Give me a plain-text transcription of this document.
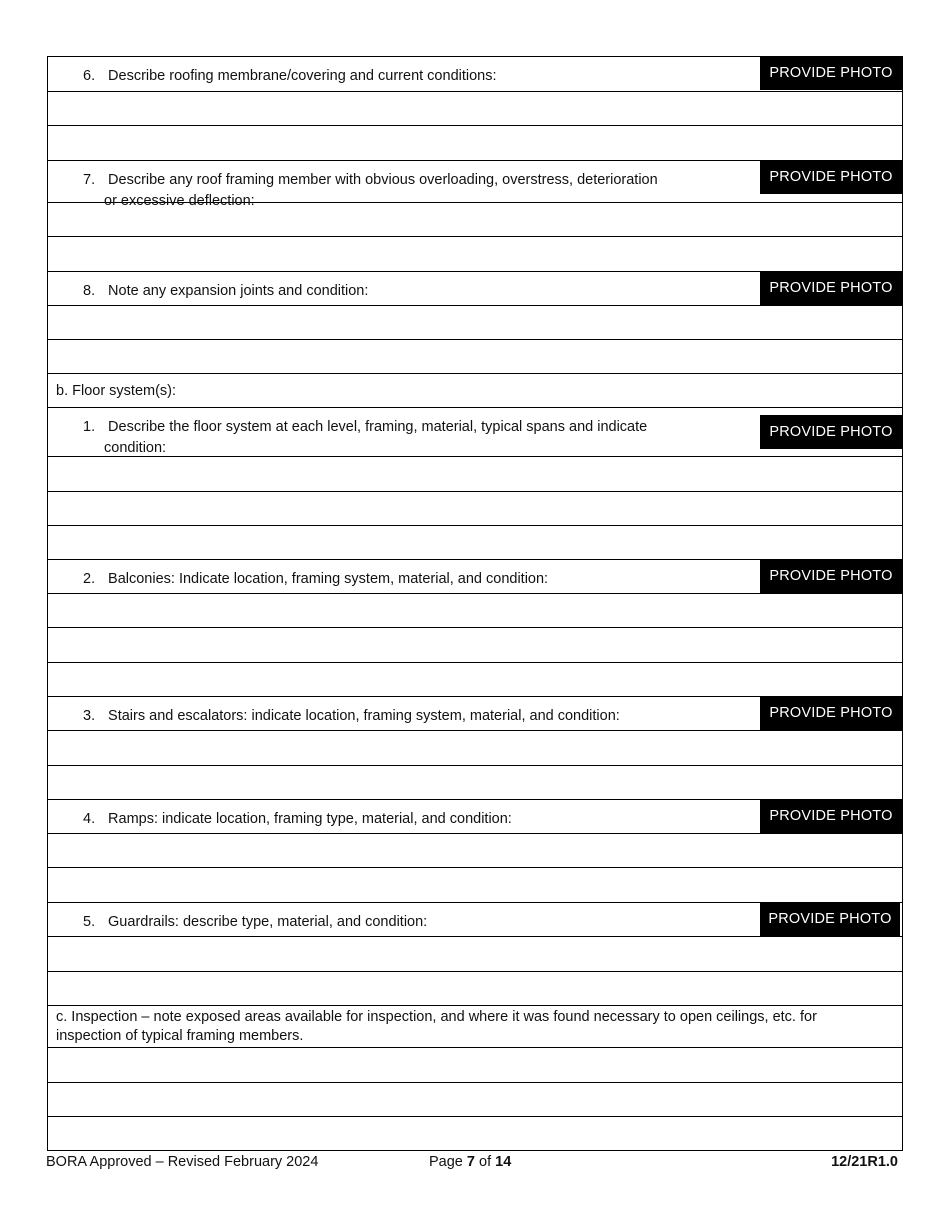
6. Describe roofing membrane/covering and current conditions:	PROVIDE PHOTO

7. Describe any roof framing member with obvious overloading, overstress, deterioration
or excessive deflection:
PROVIDE PHOTO

8. Note any expansion joints and condition:	PROVIDE PHOTO

b. Floor system(s):

1. Describe the floor system at each level, framing, material, typical spans and indicate
condition:
PROVIDE PHOTO

2. Balconies: Indicate location, framing system, material, and condition:	PROVIDE PHOTO

3. Stairs and escalators: indicate location, framing system, material, and condition:	PROVIDE PHOTO

4. Ramps: indicate location, framing type, material, and condition:	PROVIDE PHOTO

5. Guardrails: describe type, material, and condition:	PROVIDE PHOTO

c. Inspection – note exposed areas available for inspection, and where it was found necessary to open ceilings, etc. for
inspection of typical framing members.

BORA Approved – Revised February 2024	Page 7 of 14	12/21R1.0
